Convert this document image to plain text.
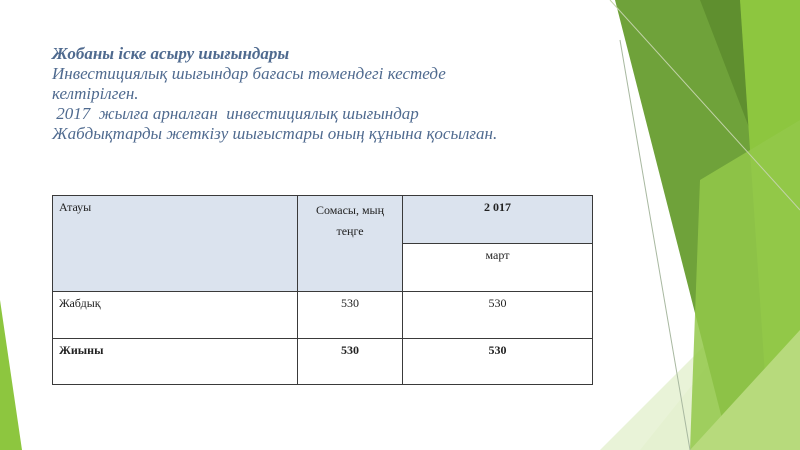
Жобаны іске асыру шығындары
Инвестициялық шығындар бағасы төмендегі кестеде
келтірілген.
2017  жылға арналған  инвестициялық шығындар
Жабдықтарды жеткізу шығыстары оның құнына қосылған.
Атауы	Сомасы, мың теңге	2 017
		март
Жабдық	530	530
Жиыны	530	530
